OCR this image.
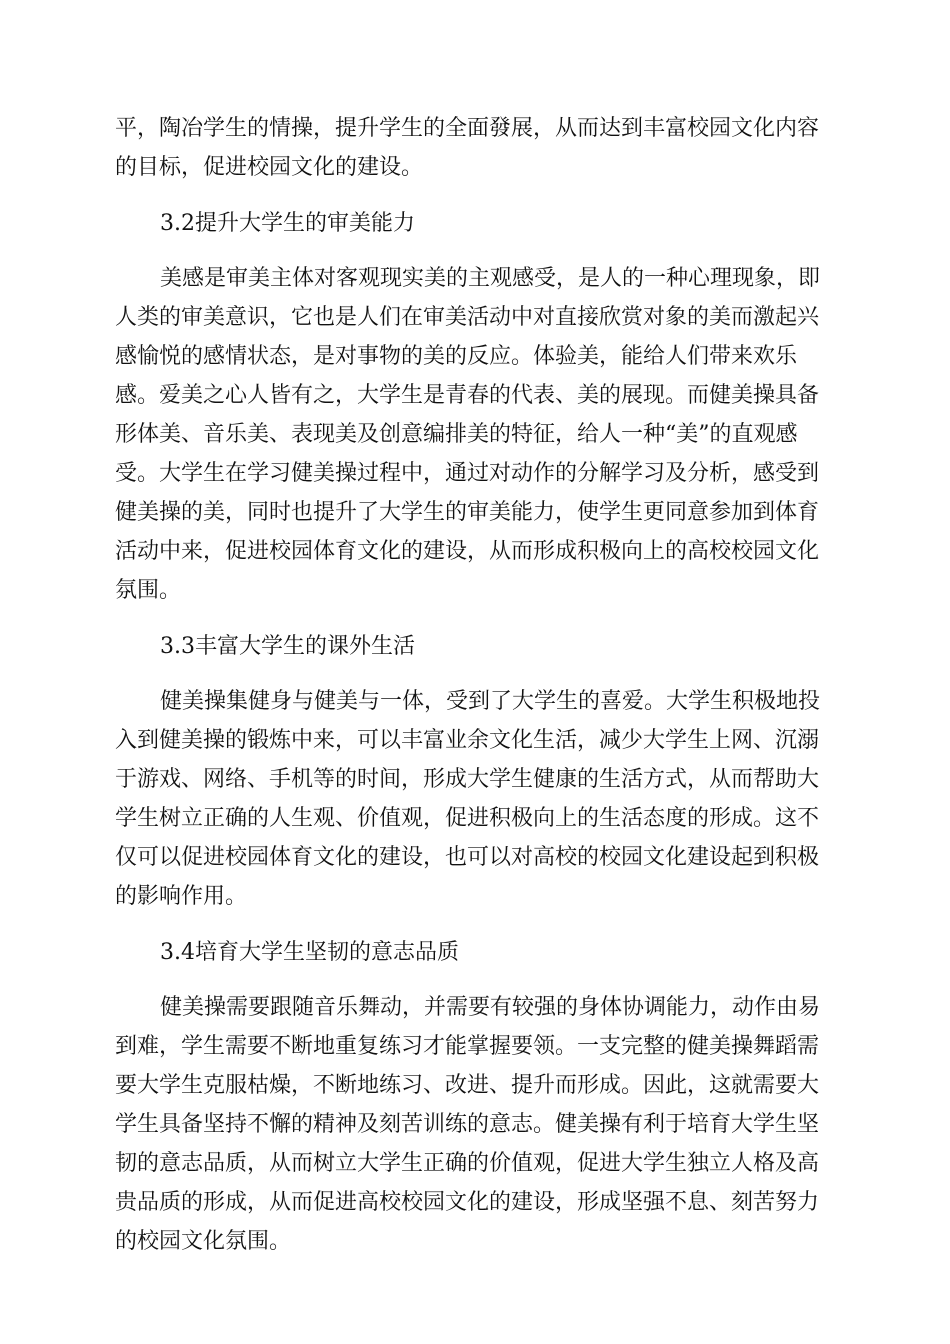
平，陶冶学生的情操，提升学生的全面發展，从而达到丰富校园文化内容
的目标，促进校园文化的建设。
3.2提升大学生的审美能力
美感是审美主体对客观现实美的主观感受，是人的一种心理现象，即
人类的审美意识，它也是人们在审美活动中对直接欣赏对象的美而激起兴
感愉悦的感情状态，是对事物的美的反应。体验美，能给人们带来欢乐
感。爱美之心人皆有之，大学生是青春的代表、美的展现。而健美操具备
形体美、音乐美、表现美及创意编排美的特征，给人一种“美”的直观感
受。大学生在学习健美操过程中，通过对动作的分解学习及分析，感受到
健美操的美，同时也提升了大学生的审美能力，使学生更同意参加到体育
活动中来，促进校园体育文化的建设，从而形成积极向上的高校校园文化
氛围。
3.3丰富大学生的课外生活
健美操集健身与健美与一体，受到了大学生的喜爱。大学生积极地投
入到健美操的锻炼中来，可以丰富业余文化生活，减少大学生上网、沉溺
于游戏、网络、手机等的时间，形成大学生健康的生活方式，从而帮助大
学生树立正确的人生观、价值观，促进积极向上的生活态度的形成。这不
仅可以促进校园体育文化的建设，也可以对高校的校园文化建设起到积极
的影响作用。
3.4培育大学生坚韧的意志品质
健美操需要跟随音乐舞动，并需要有较强的身体协调能力，动作由易
到难，学生需要不断地重复练习才能掌握要领。一支完整的健美操舞蹈需
要大学生克服枯燥，不断地练习、改进、提升而形成。因此，这就需要大
学生具备坚持不懈的精神及刻苦训练的意志。健美操有利于培育大学生坚
韧的意志品质，从而树立大学生正确的价值观，促进大学生独立人格及高
贵品质的形成，从而促进高校校园文化的建设，形成坚强不息、刻苦努力
的校园文化氛围。
